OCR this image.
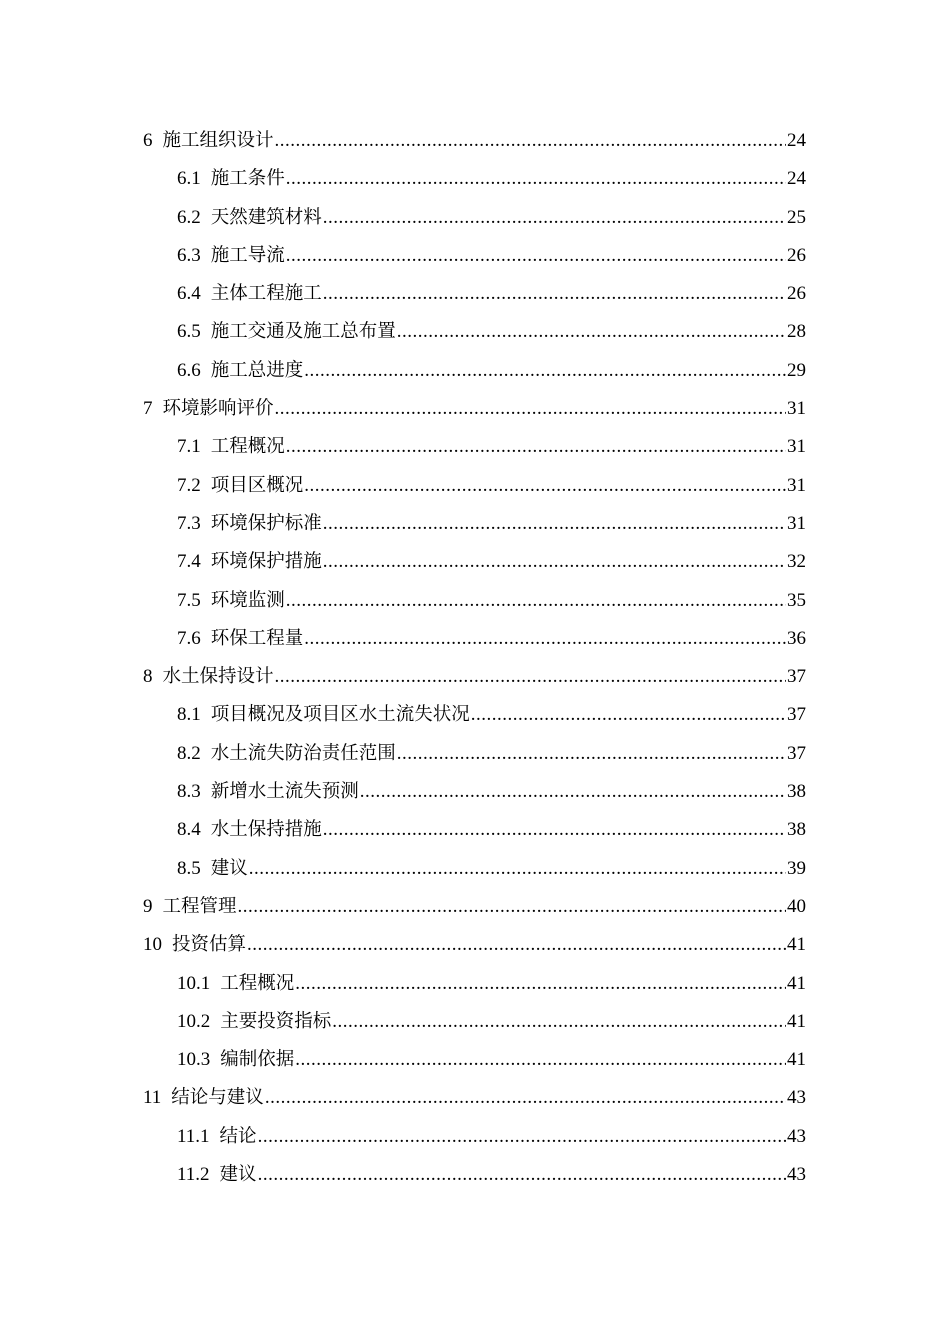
6 施工组织设计 .....	24
6.1 施工条件 .....	24
6.2 天然建筑材料 .....	25
6.3 施工导流 .....	26
6.4 主体工程施工 .....	26
6.5 施工交通及施工总布置 .....	28
6.6 施工总进度 .....	29
7 环境影响评价 .....	31
7.1 工程概况 .....	31
7.2 项目区概况 .....	31
7.3 环境保护标准 .....	31
7.4 环境保护措施 .....	32
7.5 环境监测 .....	35
7.6 环保工程量 .....	36
8 水土保持设计 .....	37
8.1 项目概况及项目区水土流失状况 .....	37
8.2 水土流失防治责任范围 .....	37
8.3 新增水土流失预测 .....	38
8.4 水土保持措施 .....	38
8.5 建议 .....	39
9 工程管理 .....	40
10 投资估算 .....	41
10.1 工程概况 .....	41
10.2 主要投资指标 .....	41
10.3 编制依据 .....	41
11 结论与建议 .....	43
11.1 结论 .....	43
11.2 建议 .....	43
